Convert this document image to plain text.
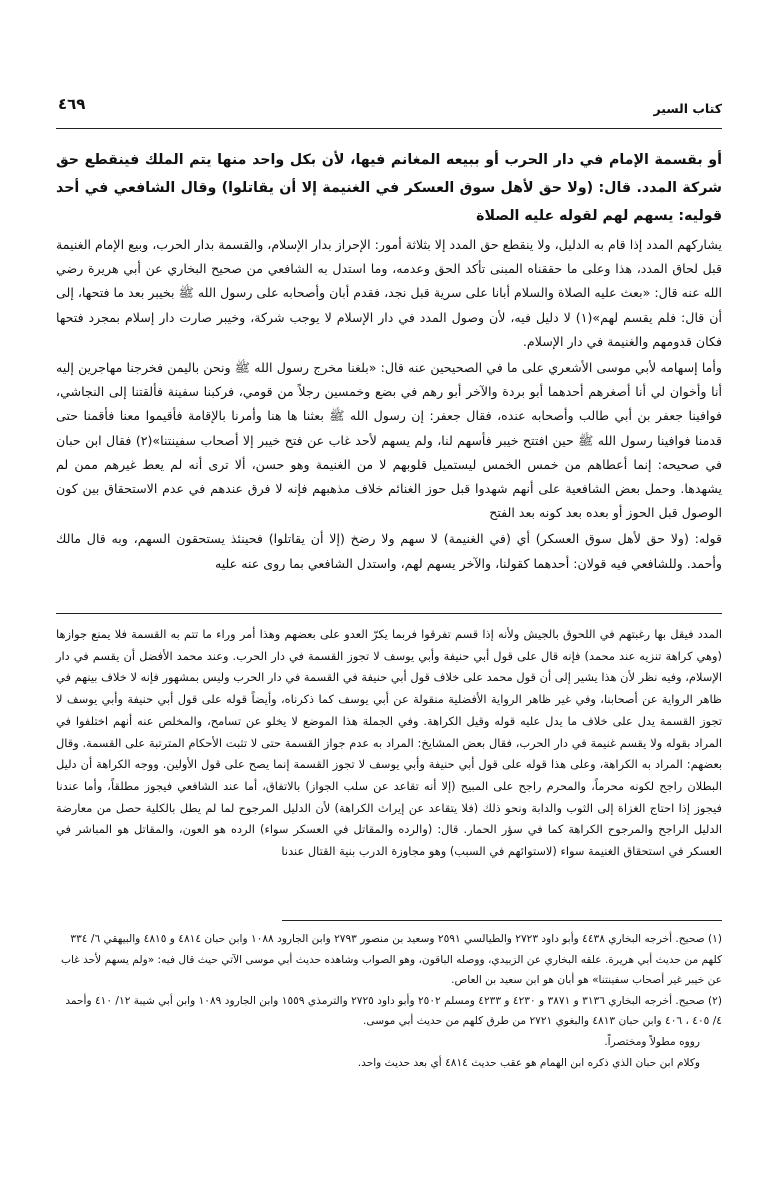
كتاب السير
٤٦٩

أو بقسمة الإمام في دار الحرب أو ببيعه المغانم فيها، لأن بكل واحد منها يتم الملك فينقطع حق شركة المدد. قال: (ولا حق لأهل سوق العسكر في الغنيمة إلا أن يقاتلوا) وقال الشافعي في أحد قوليه: يسهم لهم لقوله عليه الصلاة

يشاركهم المدد إذا قام به الدليل، ولا ينقطع حق المدد إلا بثلاثة أمور: الإحراز بدار الإسلام، والقسمة بدار الحرب، وبيع الإمام الغنيمة قبل لحاق المدد، هذا وعلى ما حققناه المبنى تأكد الحق وعدمه، وما استدل به الشافعي من صحيح البخاري عن أبي هريرة رضي الله عنه قال: «بعث عليه الصلاة والسلام أبانا على سرية قبل نجد، فقدم أبان وأصحابه على رسول الله ﷺ بخيبر بعد ما فتحها، إلى أن قال: فلم يقسم لهم»(١) لا دليل فيه، لأن وصول المدد في دار الإسلام لا يوجب شركة، وخيبر صارت دار إسلام بمجرد فتحها فكان قدومهم والغنيمة في دار الإسلام.

وأما إسهامه لأبي موسى الأشعري على ما في الصحيحين عنه قال: «بلغنا مخرج رسول الله ﷺ ونحن باليمن فخرجنا مهاجرين إليه أنا وأخوان لي أنا أصغرهم أحدهما أبو بردة والآخر أبو رهم في بضع وخمسين رجلاً من قومي، فركبنا سفينة فألقتنا إلى النجاشي، فوافينا جعفر بن أبي طالب وأصحابه عنده، فقال جعفر: إن رسول الله ﷺ بعثنا ها هنا وأمرنا بالإقامة فأقيموا معنا فأقمنا حتى قدمنا فوافينا رسول الله ﷺ حين افتتح خيبر فأسهم لنا، ولم يسهم لأحد غاب عن فتح خيبر إلا أصحاب سفينتنا»(٢) فقال ابن حبان في صحيحه: إنما أعطاهم من خمس الخمس ليستميل قلوبهم لا من الغنيمة وهو حسن، ألا ترى أنه لم يعط غيرهم ممن لم يشهدها. وحمل بعض الشافعية على أنهم شهدوا قبل حوز الغنائم خلاف مذهبهم فإنه لا فرق عندهم في عدم الاستحقاق بين كون الوصول قبل الحوز أو بعده بعد كونه بعد الفتح

قوله: (ولا حق لأهل سوق العسكر) أي (في الغنيمة) لا سهم ولا رضخ (إلا أن يقاتلوا) فحينئذ يستحقون السهم، وبه قال مالك وأحمد. وللشافعي فيه قولان: أحدهما كقولنا، والآخر يسهم لهم، واستدل الشافعي بما روى عنه عليه

المدد فيقل بها رغبتهم في اللحوق بالجيش ولأنه إذا قسم تفرقوا فربما يكرّ العدو على بعضهم وهذا أمر وراء ما تتم به القسمة فلا يمنع جوازها (وهي كراهة تنزيه عند محمد) فإنه قال على قول أبي حنيفة وأبي يوسف لا تجوز القسمة في دار الحرب. وعند محمد الأفضل أن يقسم في دار الإسلام، وفيه نظر لأن هذا يشير إلى أن قول محمد على خلاف قول أبي حنيفة في القسمة في دار الحرب وليس بمشهور فإنه لا خلاف بينهم في ظاهر الرواية عن أصحابنا، وفي غير ظاهر الرواية الأفضلية منقولة عن أبي يوسف كما ذكرناه، وأيضاً قوله على قول أبي حنيفة وأبي يوسف لا تجوز القسمة يدل على خلاف ما يدل عليه قوله وقيل الكراهة. وفي الجملة هذا الموضع لا يخلو عن تسامح، والمخلص عنه أنهم اختلفوا في المراد بقوله ولا يقسم غنيمة في دار الحرب، فقال بعض المشايخ: المراد به عدم جواز القسمة حتى لا تثبت الأحكام المترتبة على القسمة. وقال بعضهم: المراد به الكراهة، وعلى هذا قوله على قول أبي حنيفة وأبي يوسف لا تجوز القسمة إنما يصح على قول الأولين. ووجه الكراهة أن دليل البطلان راجح لكونه محرماً، والمحرم راجح على المبيح (إلا أنه تقاعد عن سلب الجواز) بالاتفاق، أما عند الشافعي فيجوز مطلقاً، وأما عندنا فيجوز إذا احتاج الغزاة إلى الثوب والدابة ونحو ذلك (فلا يتقاعد عن إيراث الكراهة) لأن الدليل المرجوح لما لم يطل بالكلية حصل من معارضة الدليل الراجح والمرجوح الكراهة كما في سؤر الحمار. قال: (والرده والمقاتل في العسكر سواء) الرده هو العون، والمقاتل هو المباشر في العسكر في استحقاق الغنيمة سواء (لاستوائهم في السبب) وهو مجاوزة الدرب بنية القتال عندنا

(١) صحيح. أخرجه البخاري ٤٤٣٨ وأبو داود ٢٧٢٣ والطيالسي ٢٥٩١ وسعيد بن منصور ٢٧٩٣ وابن الجارود ١٠٨٨ وابن حبان ٤٨١٤ و ٤٨١٥ والبيهقي ٦/ ٣٣٤ كلهم من حديث أبي هريرة. علقه البخاري عن الزبيدي، ووصله الباقون، وهو الصواب وشاهده حديث أبي موسى الآتي حيث قال فيه: «ولم يسهم لأحد غاب عن خيبر غير أصحاب سفينتنا» هو أبان هو ابن سعيد بن العاص.

(٢) صحيح. أخرجه البخاري ٣١٣٦ و ٣٨٧١ و ٤٢٣٠ و ٤٢٣٣ ومسلم ٢٥٠٢ وأبو داود ٢٧٢٥ والترمذي ١٥٥٩ وابن الجارود ١٠٨٩ وابن أبي شيبة ١٢/ ٤١٠ وأحمد ٤/ ٤٠٥ ، ٤٠٦ وابن حبان ٤٨١٣ والبغوي ٢٧٢١ من طرق كلهم من حديث أبي موسى.

رووه مطولاً ومختصراً.

وكلام ابن حبان الذي ذكره ابن الهمام هو عقب حديث ٤٨١٤ أي بعد حديث واحد.
